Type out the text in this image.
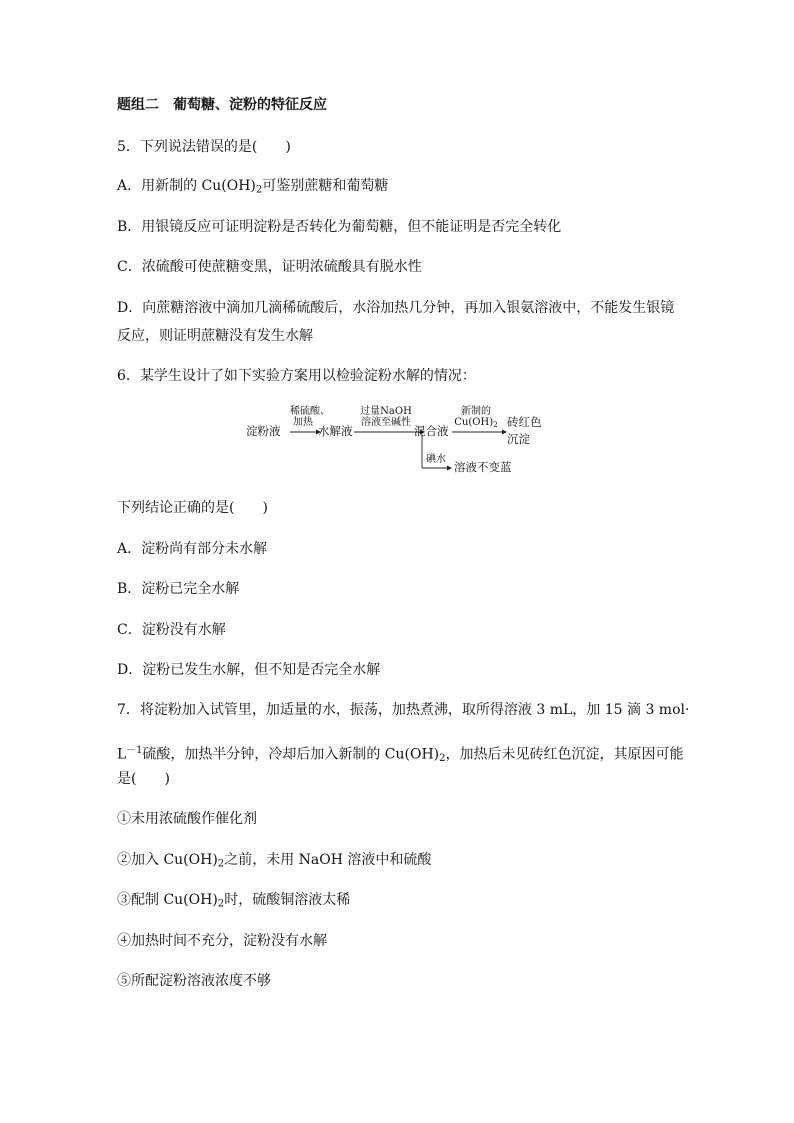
题组二　葡萄糖、淀粉的特征反应
5．下列说法错误的是(　　)
A．用新制的 $Cu(OH)_2$可鉴别蔗糖和葡萄糖
B．用银镜反应可证明淀粉是否转化为葡萄糖，但不能证明是否完全转化
C．浓硫酸可使蔗糖变黑，证明浓硫酸具有脱水性
D．向蔗糖溶液中滴加几滴稀硫酸后，水浴加热几分钟，再加入银氨溶液中，不能发生银镜
反应，则证明蔗糖没有发生水解
6．某学生设计了如下实验方案用以检验淀粉水解的情况：
淀粉液
稀硫酸、
加热
水解液
过量NaOH
溶液至碱性
混合液
新制的
$Cu(OH)_2$ 砖红色
沉淀
碘水
溶液不变蓝
下列结论正确的是(　　)
A．淀粉尚有部分未水解
B．淀粉已完全水解
C．淀粉没有水解
D．淀粉已发生水解，但不知是否完全水解
7．将淀粉加入试管里，加适量的水，振荡，加热煮沸，取所得溶液 3 mL，加 15 滴 3 mol·
$L^{-1}$硫酸，加热半分钟，冷却后加入新制的 $Cu(OH)_2$，加热后未见砖红色沉淀，其原因可能
是(　　)
①未用浓硫酸作催化剂
②加入 $Cu(OH)_2$之前，未用 NaOH 溶液中和硫酸
③配制 $Cu(OH)_2$时，硫酸铜溶液太稀
④加热时间不充分，淀粉没有水解
⑤所配淀粉溶液浓度不够
